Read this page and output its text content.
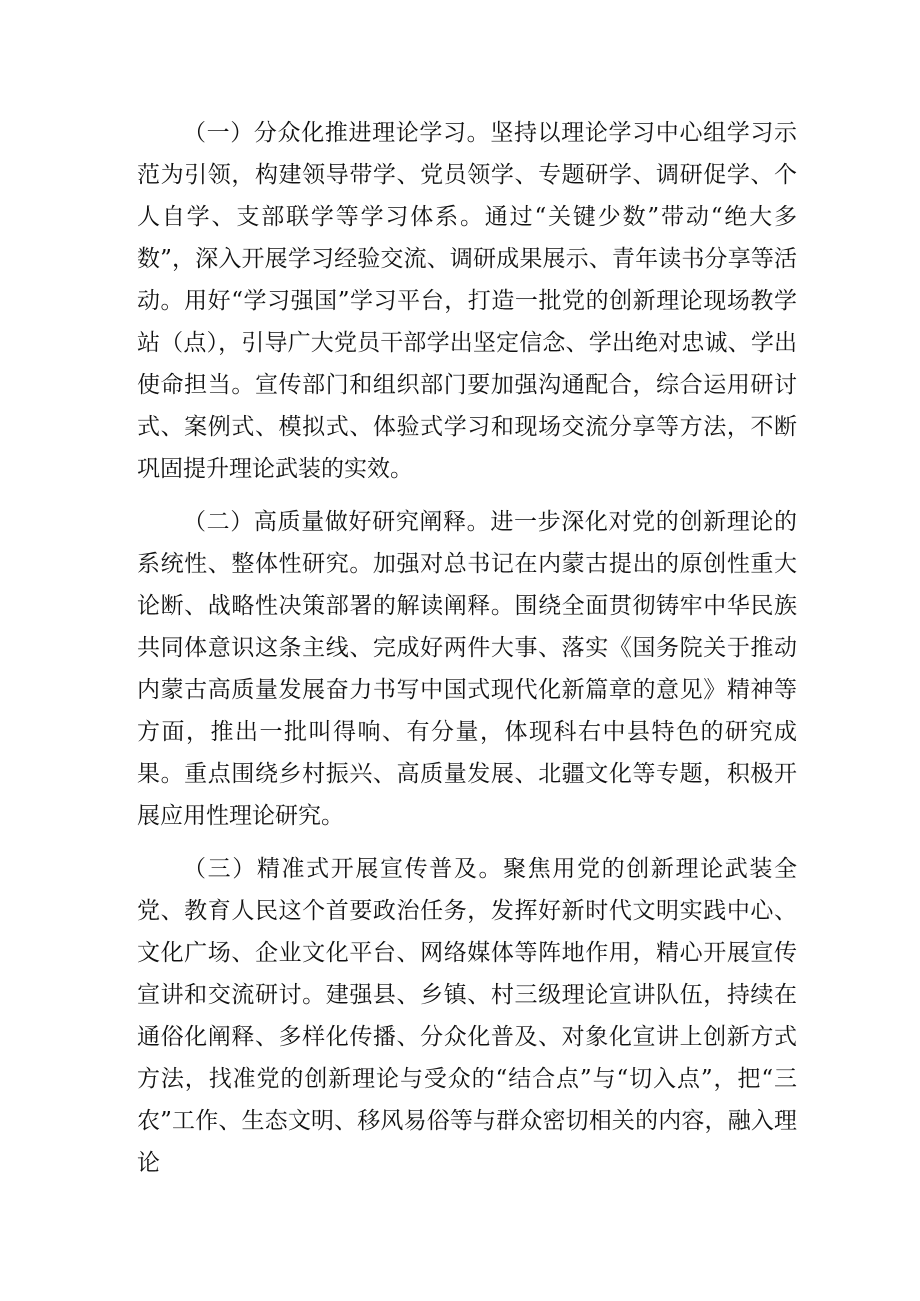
（一）分众化推进理论学习。坚持以理论学习中心组学习示范为引领，构建领导带学、党员领学、专题研学、调研促学、个人自学、支部联学等学习体系。通过“关键少数”带动“绝大多数”，深入开展学习经验交流、调研成果展示、青年读书分享等活动。用好“学习强国”学习平台，打造一批党的创新理论现场教学站（点），引导广大党员干部学出坚定信念、学出绝对忠诚、学出使命担当。宣传部门和组织部门要加强沟通配合，综合运用研讨式、案例式、模拟式、体验式学习和现场交流分享等方法，不断巩固提升理论武装的实效。

（二）高质量做好研究阐释。进一步深化对党的创新理论的系统性、整体性研究。加强对总书记在内蒙古提出的原创性重大论断、战略性决策部署的解读阐释。围绕全面贯彻铸牢中华民族共同体意识这条主线、完成好两件大事、落实《国务院关于推动内蒙古高质量发展奋力书写中国式现代化新篇章的意见》精神等方面，推出一批叫得响、有分量，体现科右中县特色的研究成果。重点围绕乡村振兴、高质量发展、北疆文化等专题，积极开展应用性理论研究。

（三）精准式开展宣传普及。聚焦用党的创新理论武装全党、教育人民这个首要政治任务，发挥好新时代文明实践中心、文化广场、企业文化平台、网络媒体等阵地作用，精心开展宣传宣讲和交流研讨。建强县、乡镇、村三级理论宣讲队伍，持续在通俗化阐释、多样化传播、分众化普及、对象化宣讲上创新方式方法，找准党的创新理论与受众的“结合点”与“切入点”，把“三农”工作、生态文明、移风易俗等与群众密切相关的内容，融入理论
